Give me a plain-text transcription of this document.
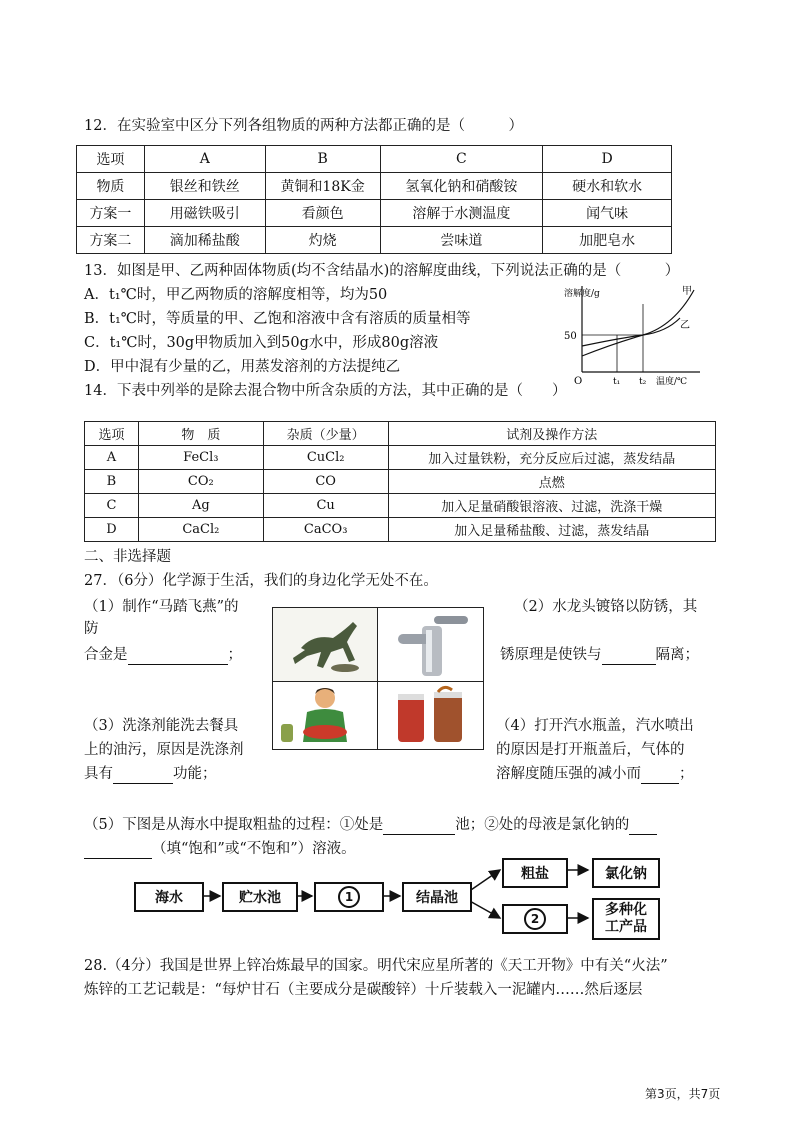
12．在实验室中区分下列各组物质的两种方法都正确的是（　　　）
选项	A	B	C	D
物质	银丝和铁丝	黄铜和18K金	氢氧化钠和硝酸铵	硬水和软水
方案一	用磁铁吸引	看颜色	溶解于水测温度	闻气味
方案二	滴加稀盐酸	灼烧	尝味道	加肥皂水
13．如图是甲、乙两种固体物质(均不含结晶水)的溶解度曲线，下列说法正确的是（　　　）
A．t₁℃时，甲乙两物质的溶解度相等，均为50
B．t₁℃时，等质量的甲、乙饱和溶液中含有溶质的质量相等
C．t₁℃时，30g甲物质加入到50g水中，形成80g溶液
D．甲中混有少量的乙，用蒸发溶剂的方法提纯乙
溶解度/g	甲
乙
50
O	t₁ t₂ 温度/℃
14．下表中列举的是除去混合物中所含杂质的方法，其中正确的是（　　）
选项	物　质	杂质（少量）	试剂及操作方法
A	FeCl₃	CuCl₂	加入过量铁粉，充分反应后过滤，蒸发结晶
B	CO₂	CO	点燃
C	Ag	Cu	加入足量硝酸银溶液、过滤，洗涤干燥
D	CaCl₂	CaCO₃	加入足量稀盐酸、过滤，蒸发结晶
二、非选择题
27．（6分）化学源于生活，我们的身边化学无处不在。
（1）制作“马踏飞燕”的
防
合金是	；
（2）水龙头镀铬以防锈，其
锈原理是使铁与	隔离；
（3）洗涤剂能洗去餐具
上的油污，原因是洗涤剂
具有	功能；
（4）打开汽水瓶盖，汽水喷出
的原因是打开瓶盖后，气体的
溶解度随压强的减小而	；
（5）下图是从海水中提取粗盐的过程：①处是	池；②处的母液是氯化钠的
（填“饱和”或“不饱和”）溶液。
海水	贮水池	1	结晶池
粗盐
2
氯化钠
多种化
工产品
28.（4分）我国是世界上锌冶炼最早的国家。明代宋应星所著的《天工开物》中有关“火法”
炼锌的工艺记载是：“每炉甘石（主要成分是碳酸锌）十斤装载入一泥罐内……然后逐层
第3页，共7页
